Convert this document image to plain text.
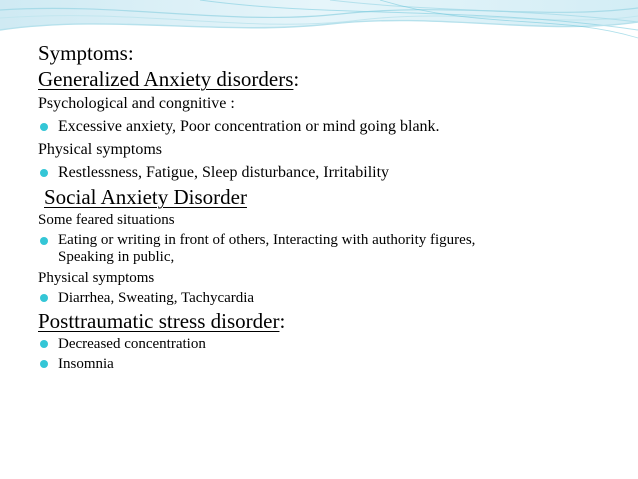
Symptoms:

Generalized Anxiety disorders:

Psychological and congnitive :

Excessive anxiety, Poor concentration or mind going blank.

Physical symptoms

Restlessness, Fatigue, Sleep disturbance, Irritability

Social Anxiety Disorder

Some feared situations

Eating or writing in front of others, Interacting with authority figures, Speaking in public,

Physical symptoms

Diarrhea, Sweating, Tachycardia

Posttraumatic stress disorder:

Decreased concentration

Insomnia
